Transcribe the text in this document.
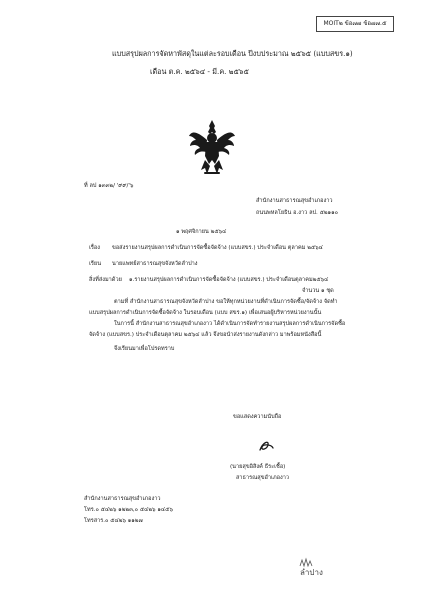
MOIT๒ ข้อ๗๗ ข้อ๗๗.๕
แบบสรุปผลการจัดหาพัสดุในแต่ละรอบเดือน ปีงบประมาณ ๒๕๖๕ (แบบสขร.๑)
เดือน ต.ค. ๒๕๖๔ - มี.ค. ๒๕๖๕
ที่ ลป ๑๓๓๒/ '๙๙/'๖
สำนักงานสาธารณสุขอำเภองาว
ถนนพหลโยธิน อ.งาว ลป. ๕๒๑๑๐
๑ พฤศจิกายน ๒๕๖๔
เรื่อง ขอส่งรายงานสรุปผลการดำเนินการจัดซื้อจัดจ้าง (แบบสขร.) ประจำเดือน ตุลาคม ๒๕๖๔
เรียน นายแพทย์สาธารณสุขจังหวัดลำปาง
สิ่งที่ส่งมาด้วย ๑.รายงานสรุปผลการดำเนินการจัดซื้อจัดจ้าง (แบบสขร.) ประจำเดือนตุลาคม๒๕๖๔
จำนวน ๑ ชุด
ตามที่ สำนักงานสาธารณสุขจังหวัดลำปาง ขอให้ทุกหน่วยงานที่ดำเนินการจัดซื้อ/จัดจ้าง จัดทำ
แบบสรุปผลการดำเนินการจัดซื้อจัดจ้าง ในรอบเดือน (แบบ สขร.๑) เพื่อเสนอผู้บริหารหน่วยงานนั้น
ในการนี้ สำนักงานสาธารณสุขอำเภองาว ได้ดำเนินการจัดทำรายงานสรุปผลการดำเนินการจัดซื้อ
จัดจ้าง (แบบสขร.) ประจำเดือนตุลาคม ๒๕๖๔ แล้ว จึงขอนำส่งรายงานดังกล่าว มาพร้อมหนังสือนี้
จึงเรียนมาเพื่อโปรดทราบ
ขอแสดงความนับถือ
(นายสุขอิสิงค์ ธีระเชื้อ)
สาธารณสุขอำเภองาว
สำนักงานสาธารณสุขอำเภองาว
โทร.๐ ๕๔๒๖ ๑๒๒๓,๐ ๕๔๒๖ ๑๔๕๖
โทรสาร.๐ ๕๔๒๖ ๑๑๒๗
ลำปาง
